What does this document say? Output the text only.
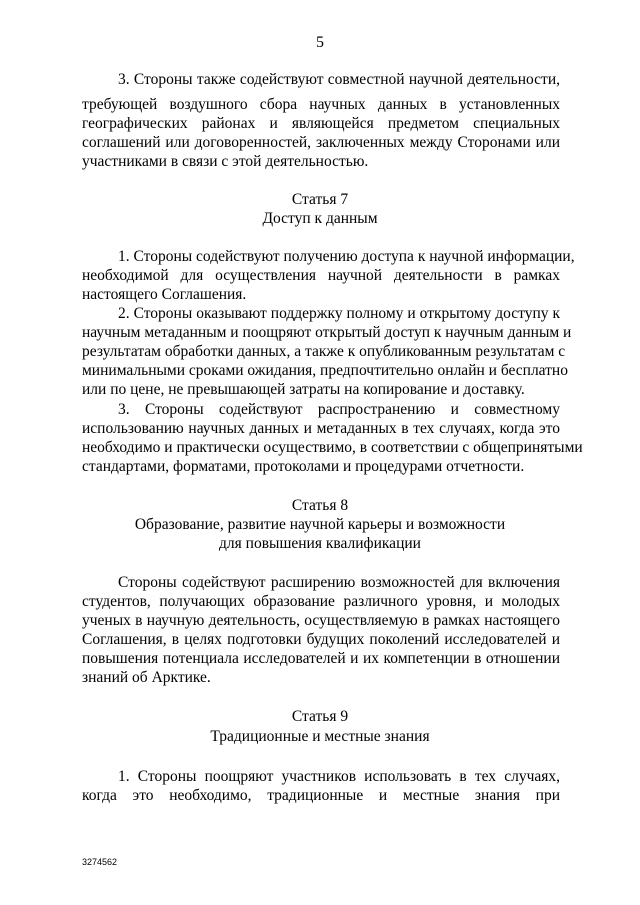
5
3. Стороны также содействуют совместной научной деятельности,
требующей воздушного сбора научных данных в установленных
географических районах и являющейся предметом специальных
соглашений или договоренностей, заключенных между Сторонами или
участниками в связи с этой деятельностью.
Статья 7
Доступ к данным
1. Стороны содействуют получению доступа к научной информации,
необходимой для осуществления научной деятельности в рамках
настоящего Соглашения.
2. Стороны оказывают поддержку полному и открытому доступу к
научным метаданным и поощряют открытый доступ к научным данным и
результатам обработки данных, а также к опубликованным результатам с
минимальными сроками ожидания, предпочтительно онлайн и бесплатно
или по цене, не превышающей затраты на копирование и доставку.
3. Стороны содействуют распространению и совместному
использованию научных данных и метаданных в тех случаях, когда это
необходимо и практически осуществимо, в соответствии с общепринятыми
стандартами, форматами, протоколами и процедурами отчетности.
Статья 8
Образование, развитие научной карьеры и возможности
для повышения квалификации
Стороны содействуют расширению возможностей для включения
студентов, получающих образование различного уровня, и молодых
ученых в научную деятельность, осуществляемую в рамках настоящего
Соглашения, в целях подготовки будущих поколений исследователей и
повышения потенциала исследователей и их компетенции в отношении
знаний об Арктике.
Статья 9
Традиционные и местные знания
1. Стороны поощряют участников использовать в тех случаях,
когда это необходимо, традиционные и местные знания при
3274562
